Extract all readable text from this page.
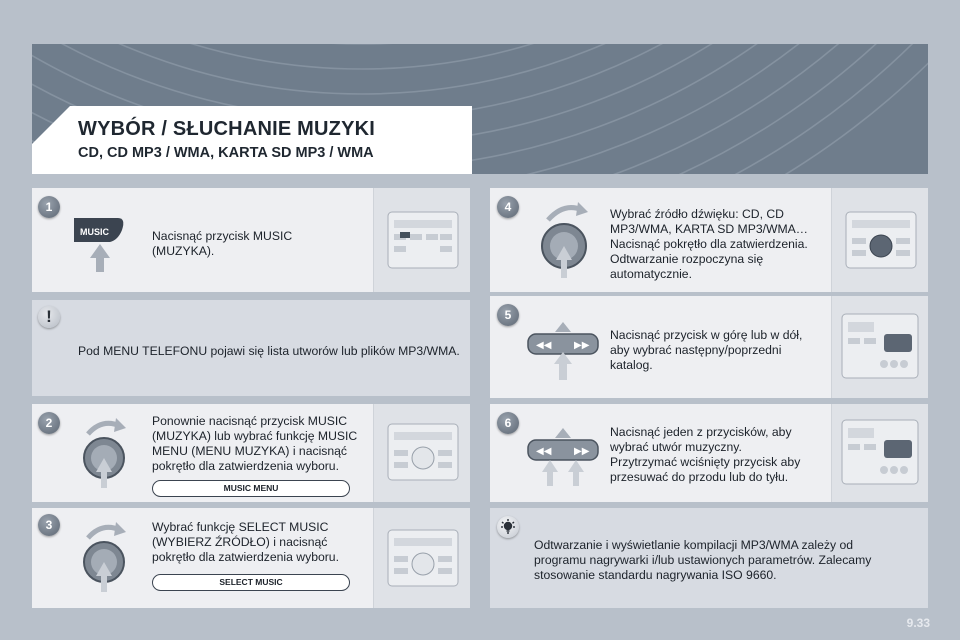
WYBÓR / SŁUCHANIE MUZYKI
CD, CD MP3 / WMA, KARTA SD MP3 / WMA
1
MUSIC	Nacisnąć przycisk MUSIC
(MUZYKA).
!
Pod MENU TELEFONU pojawi się lista utworów lub plików MP3/WMA.
2	Ponownie nacisnąć przycisk MUSIC
(MUZYKA) lub wybrać funkcję MUSIC
MENU (MENU MUZYKA) i nacisnąć
pokrętło dla zatwierdzenia wyboru.
MUSIC MENU
3	Wybrać funkcję SELECT MUSIC
(WYBIERZ ŹRÓDŁO) i nacisnąć
pokrętło dla zatwierdzenia wyboru.
SELECT MUSIC
4	Wybrać źródło dźwięku: CD, CD
MP3/WMA, KARTA SD MP3/WMA…
Nacisnąć pokrętło dla zatwierdzenia.
Odtwarzanie rozpoczyna się
automatycznie.
5
◀◀ ▶▶
Nacisnąć przycisk w górę lub w dół,
aby wybrać następny/poprzedni
katalog.
6
◀◀ ▶▶
Nacisnąć jeden z przycisków, aby
wybrać utwór muzyczny.
Przytrzymać wciśnięty przycisk aby
przesuwać do przodu lub do tyłu.
Odtwarzanie i wyświetlanie kompilacji MP3/WMA zależy od
programu nagrywarki i/lub ustawionych parametrów. Zalecamy
stosowanie standardu nagrywania ISO 9660.
9.33
